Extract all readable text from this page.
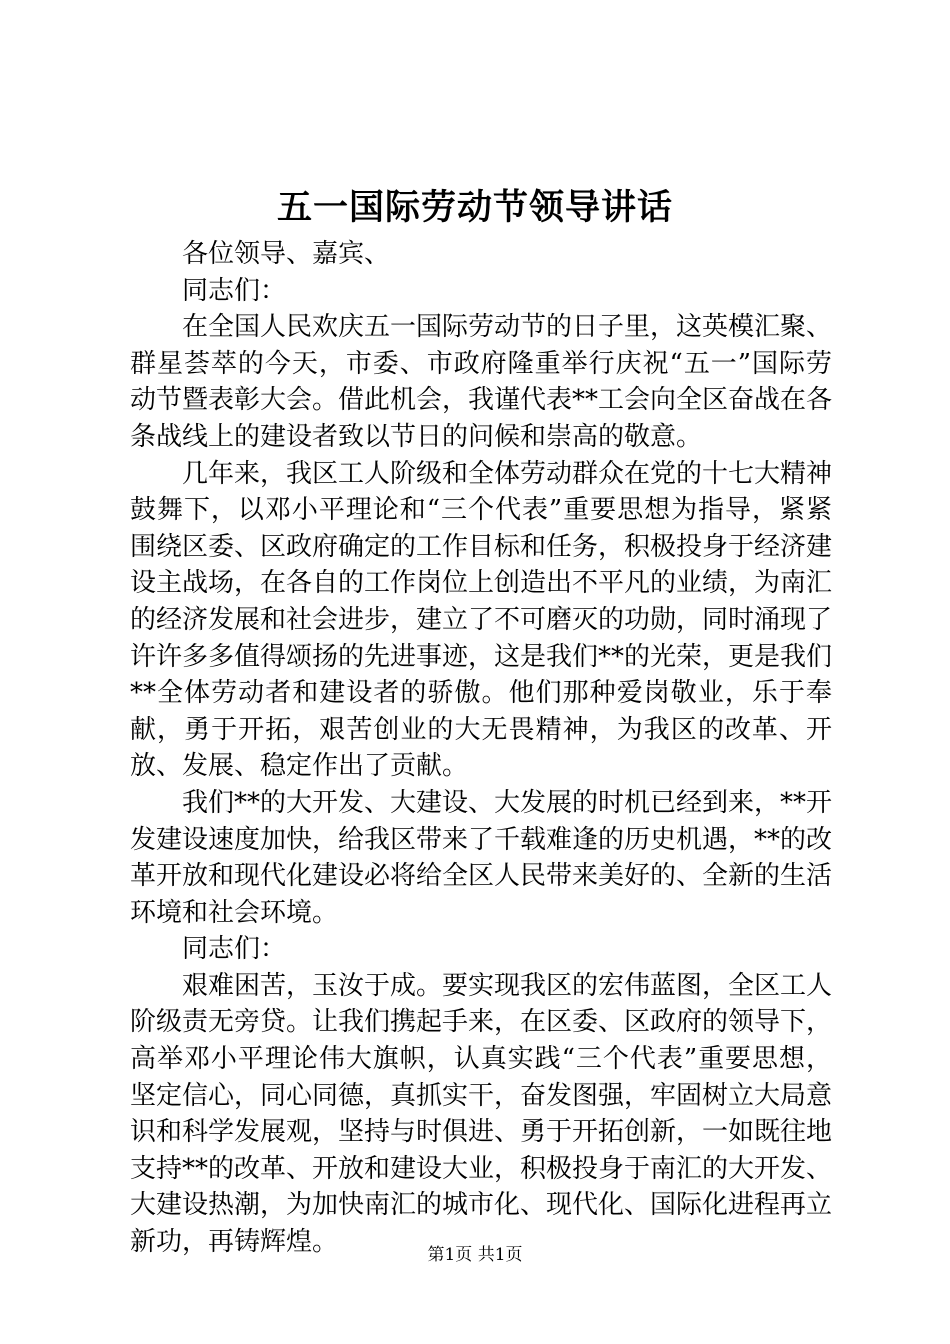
五一国际劳动节领导讲话

各位领导、嘉宾、

同志们：

在全国人民欢庆五一国际劳动节的日子里，这英模汇聚、群星荟萃的今天，市委、市政府隆重举行庆祝“五一”国际劳动节暨表彰大会。借此机会，我谨代表**工会向全区奋战在各条战线上的建设者致以节日的问候和崇高的敬意。

几年来，我区工人阶级和全体劳动群众在党的十七大精神鼓舞下，以邓小平理论和“三个代表”重要思想为指导，紧紧围绕区委、区政府确定的工作目标和任务，积极投身于经济建设主战场，在各自的工作岗位上创造出不平凡的业绩，为南汇的经济发展和社会进步，建立了不可磨灭的功勋，同时涌现了许许多多值得颂扬的先进事迹，这是我们**的光荣，更是我们**全体劳动者和建设者的骄傲。他们那种爱岗敬业，乐于奉献，勇于开拓，艰苦创业的大无畏精神，为我区的改革、开放、发展、稳定作出了贡献。

我们**的大开发、大建设、大发展的时机已经到来，**开发建设速度加快，给我区带来了千载难逢的历史机遇，**的改革开放和现代化建设必将给全区人民带来美好的、全新的生活环境和社会环境。

同志们：

艰难困苦，玉汝于成。要实现我区的宏伟蓝图，全区工人阶级责无旁贷。让我们携起手来，在区委、区政府的领导下，高举邓小平理论伟大旗帜，认真实践“三个代表”重要思想，坚定信心，同心同德，真抓实干，奋发图强，牢固树立大局意识和科学发展观，坚持与时俱进、勇于开拓创新，一如既往地支持**的改革、开放和建设大业，积极投身于南汇的大开发、大建设热潮，为加快南汇的城市化、现代化、国际化进程再立新功，再铸辉煌。	第1页 共1页
